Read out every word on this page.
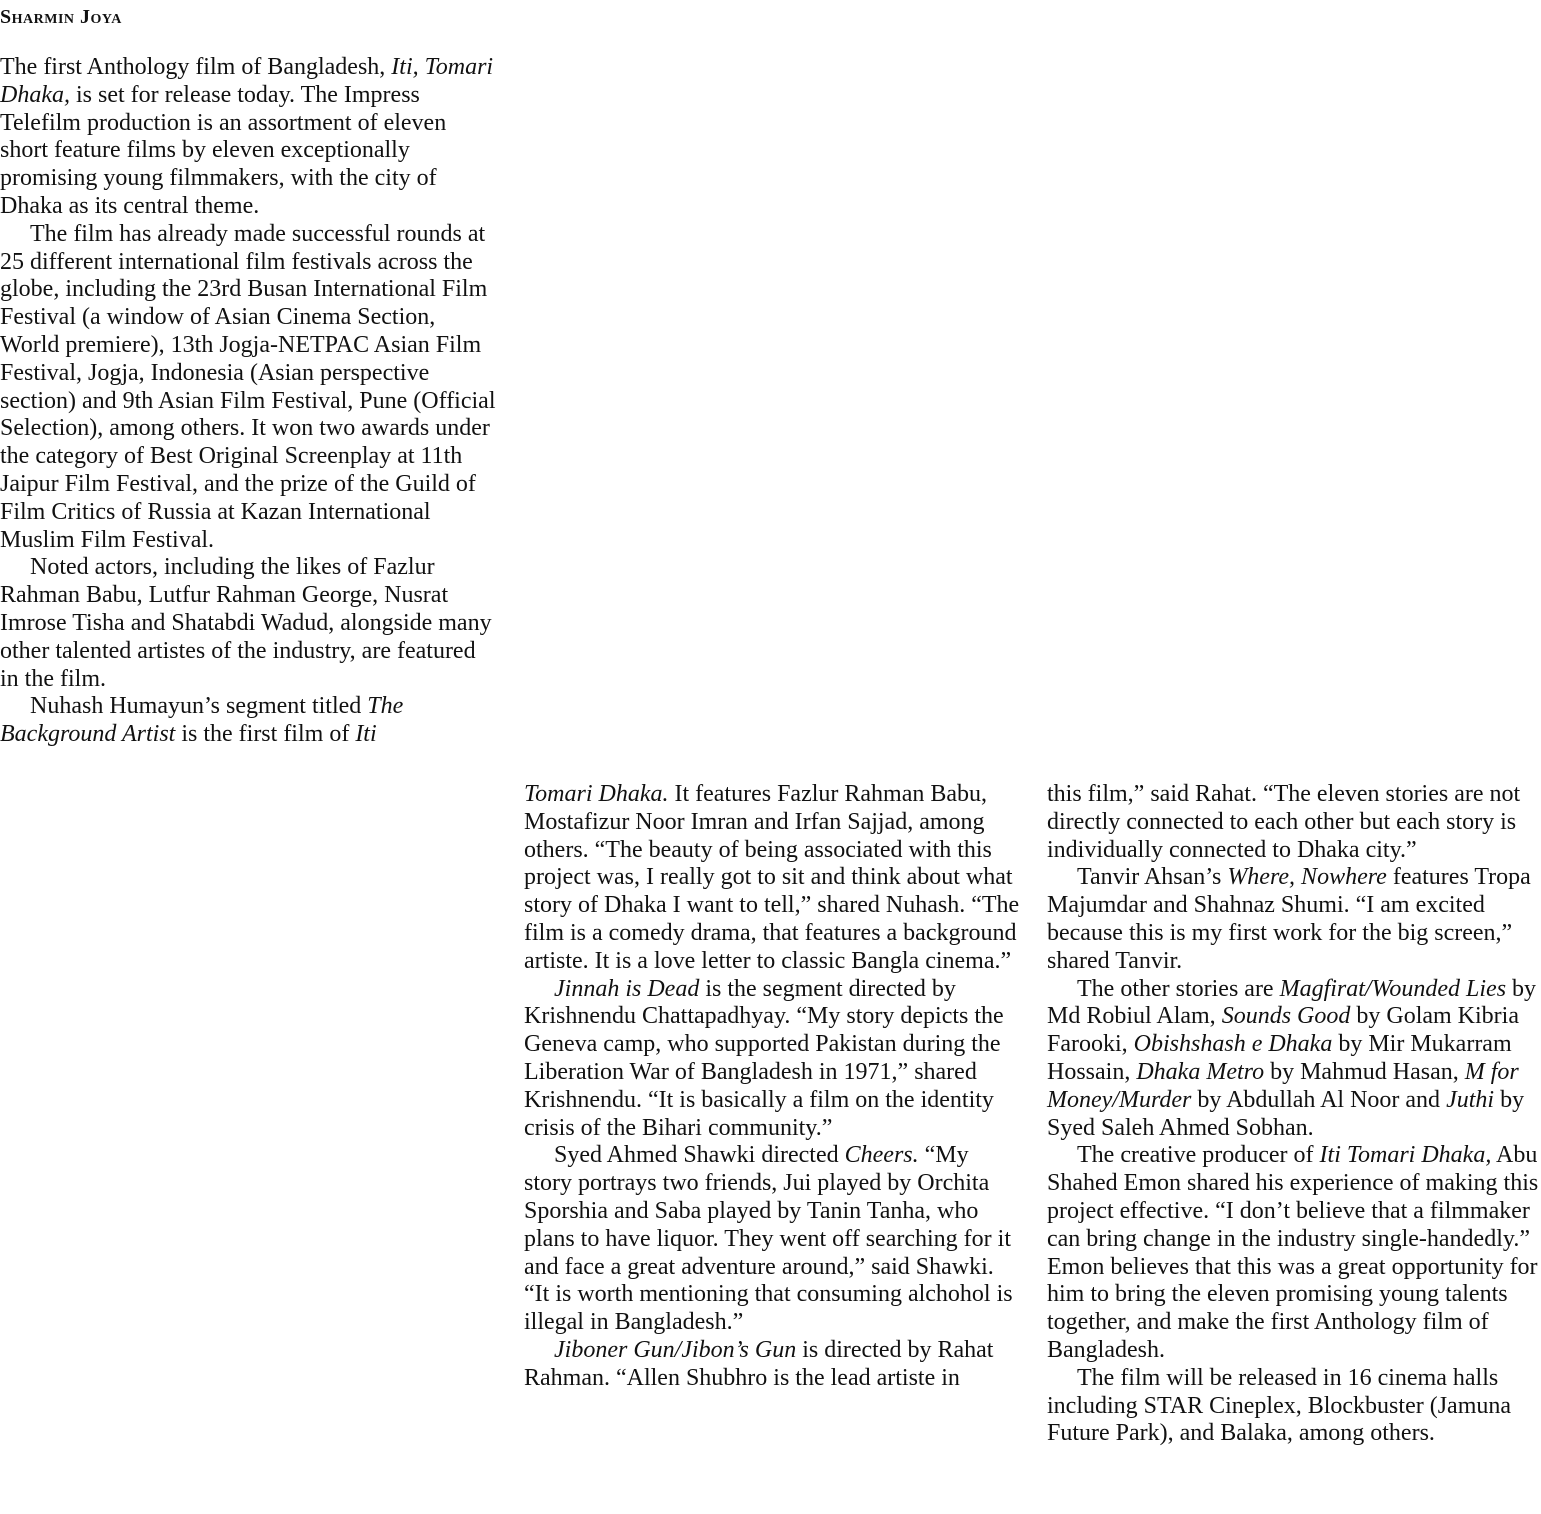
Sharmin Joya

The first Anthology film of Bangladesh, Iti, Tomari Dhaka, is set for release today. The Impress Telefilm production is an assortment of eleven short feature films by eleven exceptionally promising young filmmakers, with the city of Dhaka as its central theme.

The film has already made successful rounds at 25 different international film festivals across the globe, including the 23rd Busan International Film Festival (a window of Asian Cinema Section, World premiere), 13th Jogja-NETPAC Asian Film Festival, Jogja, Indonesia (Asian perspective section) and 9th Asian Film Festival, Pune (Official Selection), among others. It won two awards under the category of Best Original Screenplay at 11th Jaipur Film Festival, and the prize of the Guild of Film Critics of Russia at Kazan International Muslim Film Festival.

Noted actors, including the likes of Fazlur Rahman Babu, Lutfur Rahman George, Nusrat Imrose Tisha and Shatabdi Wadud, alongside many other talented artistes of the industry, are featured in the film.

Nuhash Humayun’s segment titled The Background Artist is the first film of Iti

Tomari Dhaka. It features Fazlur Rahman Babu, Mostafizur Noor Imran and Irfan Sajjad, among others. “The beauty of being associated with this project was, I really got to sit and think about what story of Dhaka I want to tell,” shared Nuhash. “The film is a comedy drama, that features a background artiste. It is a love letter to classic Bangla cinema.”

Jinnah is Dead is the segment directed by Krishnendu Chattapadhyay. “My story depicts the Geneva camp, who supported Pakistan during the Liberation War of Bangladesh in 1971,” shared Krishnendu. “It is basically a film on the identity crisis of the Bihari community.”

Syed Ahmed Shawki directed Cheers. “My story portrays two friends, Jui played by Orchita Sporshia and Saba played by Tanin Tanha, who plans to have liquor. They went off searching for it and face a great adventure around,” said Shawki. “It is worth mentioning that consuming alchohol is illegal in Bangladesh.”

Jiboner Gun/Jibon’s Gun is directed by Rahat Rahman. “Allen Shubhro is the lead artiste in

this film,” said Rahat. “The eleven stories are not directly connected to each other but each story is individually connected to Dhaka city.”

Tanvir Ahsan’s Where, Nowhere features Tropa Majumdar and Shahnaz Shumi. “I am excited because this is my first work for the big screen,” shared Tanvir.

The other stories are Magfirat/Wounded Lies by Md Robiul Alam, Sounds Good by Golam Kibria Farooki, Obishshash e Dhaka by Mir Mukarram Hossain, Dhaka Metro by Mahmud Hasan, M for Money/Murder by Abdullah Al Noor and Juthi by Syed Saleh Ahmed Sobhan.

The creative producer of Iti Tomari Dhaka, Abu Shahed Emon shared his experience of making this project effective. “I don’t believe that a filmmaker can bring change in the industry single-handedly.” Emon believes that this was a great opportunity for him to bring the eleven promising young talents together, and make the first Anthology film of Bangladesh.

The film will be released in 16 cinema halls including STAR Cineplex, Blockbuster (Jamuna Future Park), and Balaka, among others.
